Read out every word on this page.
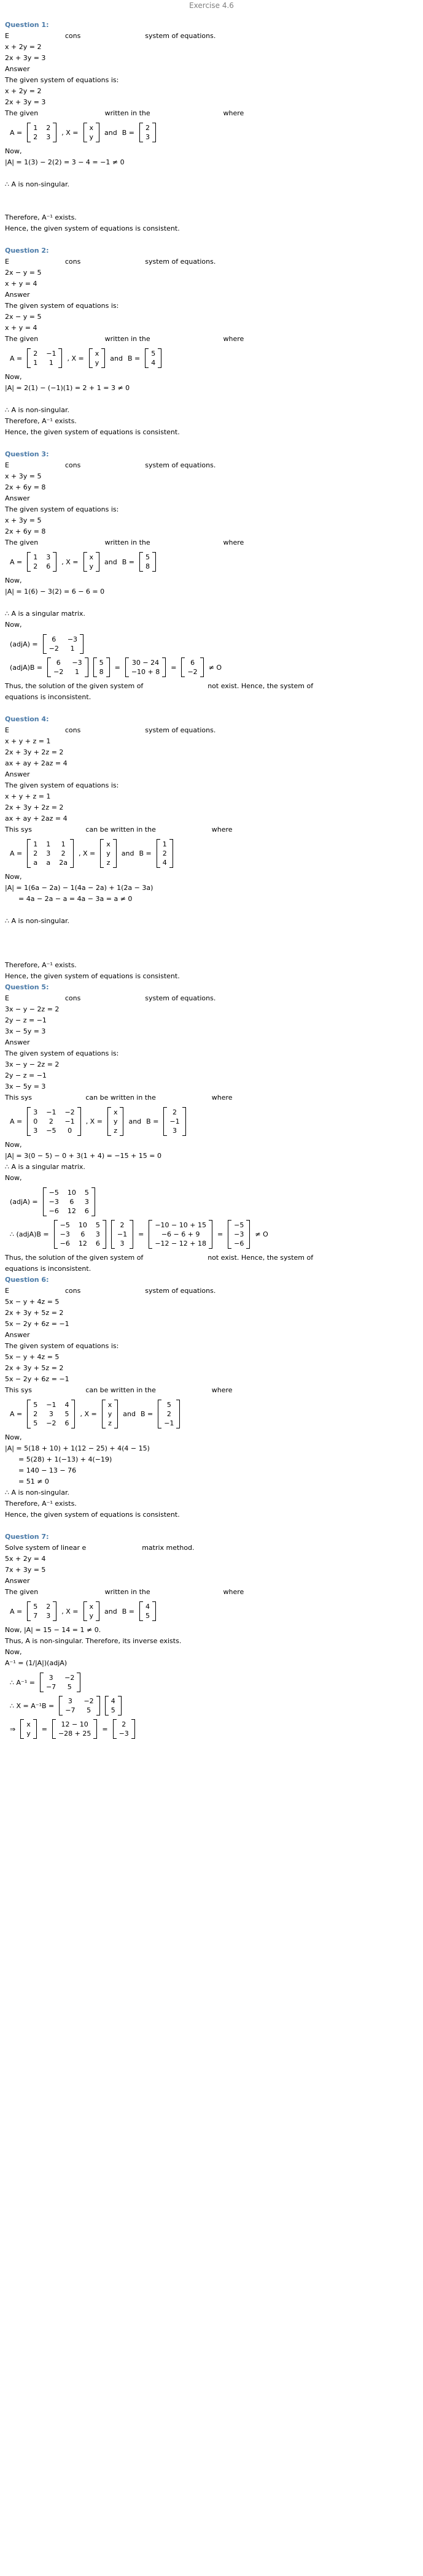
Exercise 4.6

Question 1:

E                          cons                              system of equations.

x + 2y = 2

2x + 3y = 3

Answer

The given system of equations is:

x + 2y = 2

2x + 3y = 3

The given                               written in the                                  where

A =
1 2
2 3
, X =
x
y
and B =
2
3

Now,

|A| = 1(3) − 2(2) = 3 − 4 = −1 ≠ 0

∴ A is non-singular.

Therefore, A⁻¹ exists.

Hence, the given system of equations is consistent.

Question 2:

E                          cons                              system of equations.

2x − y = 5

x + y = 4

Answer

The given system of equations is:

2x − y = 5

x + y = 4

The given                               written in the                                  where

A =
2 −1
1 1
, X =
x
y
and B =
5
4

Now,

|A| = 2(1) − (−1)(1) = 2 + 1 = 3 ≠ 0

∴ A is non-singular.

Therefore, A⁻¹ exists.

Hence, the given system of equations is consistent.

Question 3:

E                          cons                              system of equations.

x + 3y = 5

2x + 6y = 8

Answer

The given system of equations is:

x + 3y = 5

2x + 6y = 8

The given                               written in the                                  where

A =
1 3
2 6
, X =
x
y
and B =
5
8

Now,

|A| = 1(6) − 3(2) = 6 − 6 = 0

∴ A is a singular matrix.

Now,

(adjA) =
6 −3
−2 1
(adjA)B =
6 −3
−2 1
5
8
=
30 − 24
−10 + 8
=
6
−2
≠ O

Thus, the solution of the given system of                              not exist. Hence, the system of

equations is inconsistent.

Question 4:

E                          cons                              system of equations.

x + y + z = 1

2x + 3y + 2z = 2

ax + ay + 2az = 4

Answer

The given system of equations is:

x + y + z = 1

2x + 3y + 2z = 2

ax + ay + 2az = 4

This sys                         can be written in the                          where

A =
1 1 1
2 3 2
a a 2a
, X =
x
y
z
and B =
1
2
4

Now,

|A| = 1(6a − 2a) − 1(4a − 2a) + 1(2a − 3a)

= 4a − 2a − a = 4a − 3a = a ≠ 0

∴ A is non-singular.

Therefore, A⁻¹ exists.

Hence, the given system of equations is consistent.

Question 5:

E                          cons                              system of equations.

3x − y − 2z = 2

2y − z = −1

3x − 5y = 3

Answer

The given system of equations is:

3x − y − 2z = 2

2y − z = −1

3x − 5y = 3

This sys                         can be written in the                          where

A =
3 −1 −2
0 2 −1
3 −5 0
, X =
x
y
z
and B =
2
−1
3

Now,

|A| = 3(0 − 5) − 0 + 3(1 + 4) = −15 + 15 = 0

∴ A is a singular matrix.

Now,

(adjA) =
−5 10 5
−3 6 3
−6 12 6
∴ (adjA)B =
−5 10 5
−3 6 3
−6 12 6
2
−1
3
=
−10 − 10 + 15
−6 − 6 + 9
−12 − 12 + 18
=
−5
−3
−6
≠ O

Thus, the solution of the given system of                              not exist. Hence, the system of

equations is inconsistent.

Question 6:

E                          cons                              system of equations.

5x − y + 4z = 5

2x + 3y + 5z = 2

5x − 2y + 6z = −1

Answer

The given system of equations is:

5x − y + 4z = 5

2x + 3y + 5z = 2

5x − 2y + 6z = −1

This sys                         can be written in the                          where

A =
5 −1 4
2 3 5
5 −2 6
, X =
x
y
z
and B =
5
2
−1

Now,

|A| = 5(18 + 10) + 1(12 − 25) + 4(4 − 15)

= 5(28) + 1(−13) + 4(−19)

= 140 − 13 − 76

= 51 ≠ 0

∴ A is non-singular.

Therefore, A⁻¹ exists.

Hence, the given system of equations is consistent.

Question 7:

Solve system of linear e                          matrix method.

5x + 2y = 4

7x + 3y = 5

Answer

The given                               written in the                                  where

A =
5 2
7 3
, X =
x
y
and B =
4
5

Now, |A| = 15 − 14 = 1 ≠ 0.

Thus, A is non-singular. Therefore, its inverse exists.

Now,

A⁻¹ = (1/|A|)(adjA)

∴ A⁻¹ =
3 −2
−7 5
∴ X = A⁻¹B =
3 −2
−7 5
4
5
⇒
x
y
=
12 − 10
−28 + 25
=
2
−3
